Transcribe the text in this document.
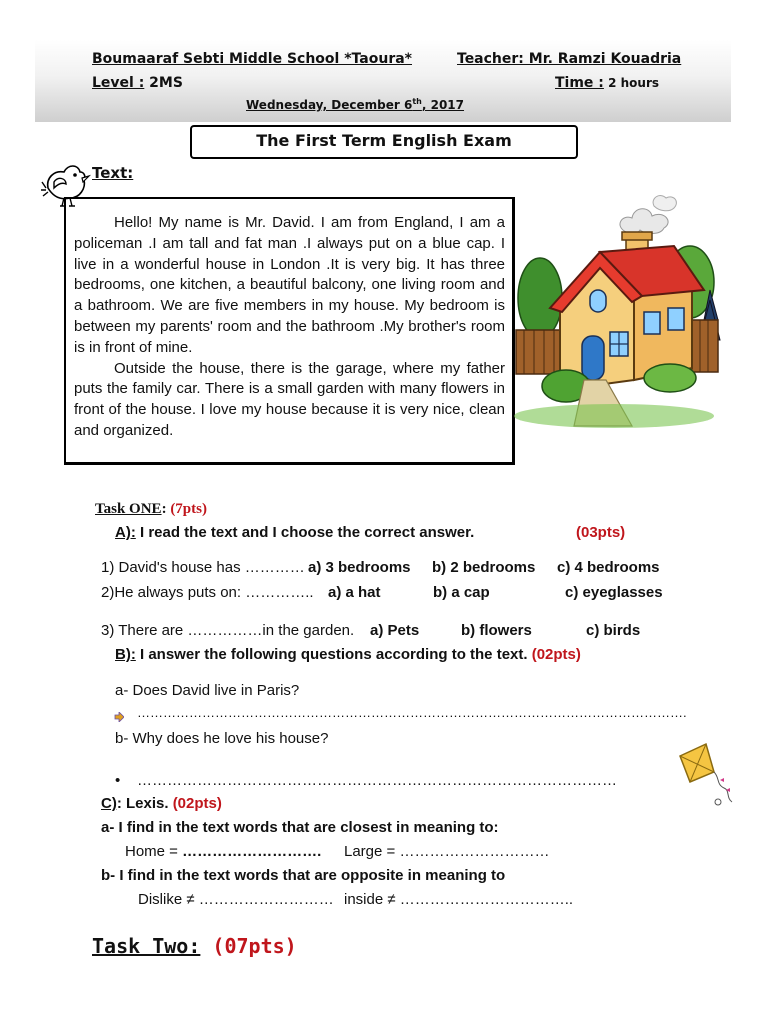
Boumaaraf Sebti Middle School *Taoura*	Teacher: Mr. Ramzi Kouadria
Level : 2MS	Time : 2 hours
Wednesday, December 6th, 2017
The First Term English Exam
Text:

Hello! My name is Mr. David. I am from England, I am a policeman .I am tall and fat man .I always put on a blue cap. I live in a wonderful house in London .It is very big. It has three bedrooms, one kitchen, a beautiful balcony, one living room and a bathroom. We are five members in my house. My bedroom is between my parents' room and the bathroom .My brother's room is in front of mine.

Outside the house, there is the garage, where my father puts the family car. There is a small garden with many flowers in front of the house. I love my house because it is very nice, clean and organized.

Task ONE: (7pts)
A): I read the text and I choose the correct answer.	(03pts)
1) David's house has ………… a) 3 bedrooms b) 2 bedrooms c) 4 bedrooms
2)He always puts on: ………….. a) a hat	b) a cap	c) eyeglasses
3) There are ……………in the garden. a) Pets	b) flowers	c) birds
B): I answer the following questions according to the text. (02pts)
a- Does David live in Paris?
……………………………………………………………………………………………………………….
b- Why does he love his house?
• ……………………………………………………………………………………
C): Lexis. (02pts)
a- I find in the text words that are closest in meaning to:
Home = ………………………. Large = …………………………
b- I find in the text words that are opposite in meaning to
Dislike ≠ ……………………… inside ≠ ……………………………..
Task Two: (07pts)
